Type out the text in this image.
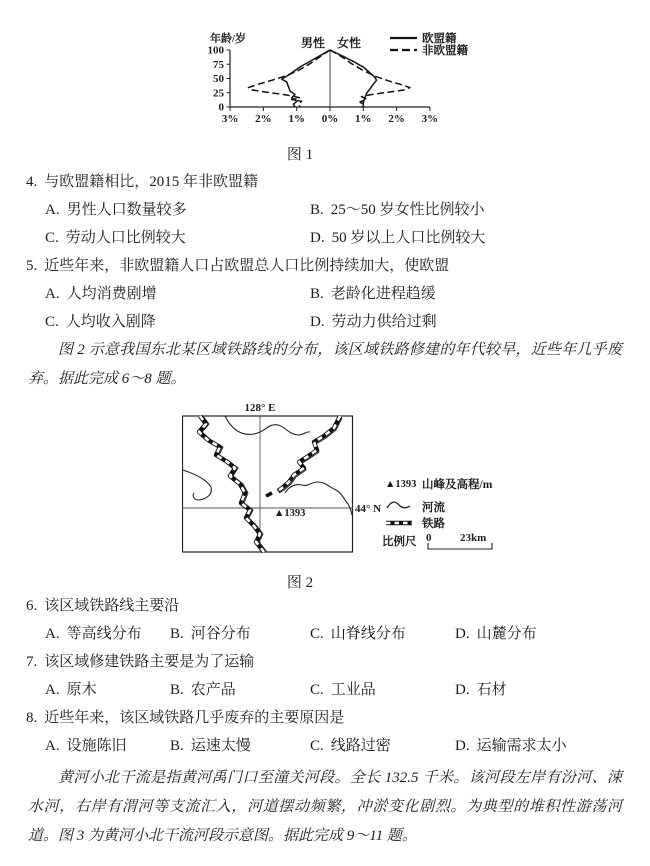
年龄/岁	男性 女性	欧盟籍
非欧盟籍
3% 2% 1% 0% 1% 2% 3%
100
75
50
25
0
图 1
4. 与欧盟籍相比，2015 年非欧盟籍
A. 男性人口数量较多	B. 25～50 岁女性比例较小
C. 劳动人口比例较大	D. 50 岁以上人口比例较大
5. 近些年来，非欧盟籍人口占欧盟总人口比例持续加大，使欧盟
A. 人均消费剧增	B. 老龄化进程趋缓
C. 人均收入剧降	D. 劳动力供给过剩
图 2 示意我国东北某区域铁路线的分布，该区域铁路修建的年代较早，近些年几乎废弃。据此完成 6～8 题。
128° E
44° N
▲1393
▲1393 山峰及高程/m
河流
铁路
比例尺 0	23km
图 2
6. 该区域铁路线主要沿
A. 等高线分布 B. 河谷分布	C. 山脊线分布	D. 山麓分布
7. 该区域修建铁路主要是为了运输
A. 原木	B. 农产品	C. 工业品	D. 石材
8. 近些年来，该区域铁路几乎废弃的主要原因是
A. 设施陈旧	B. 运速太慢	C. 线路过密	D. 运输需求太小
黄河小北干流是指黄河禹门口至潼关河段。全长 132.5 千米。该河段左岸有汾河、涑水河，右岸有渭河等支流汇入，河道摆动频繁，冲淤变化剧烈。为典型的堆积性游荡河道。图 3 为黄河小北干流河段示意图。据此完成 9～11 题。
